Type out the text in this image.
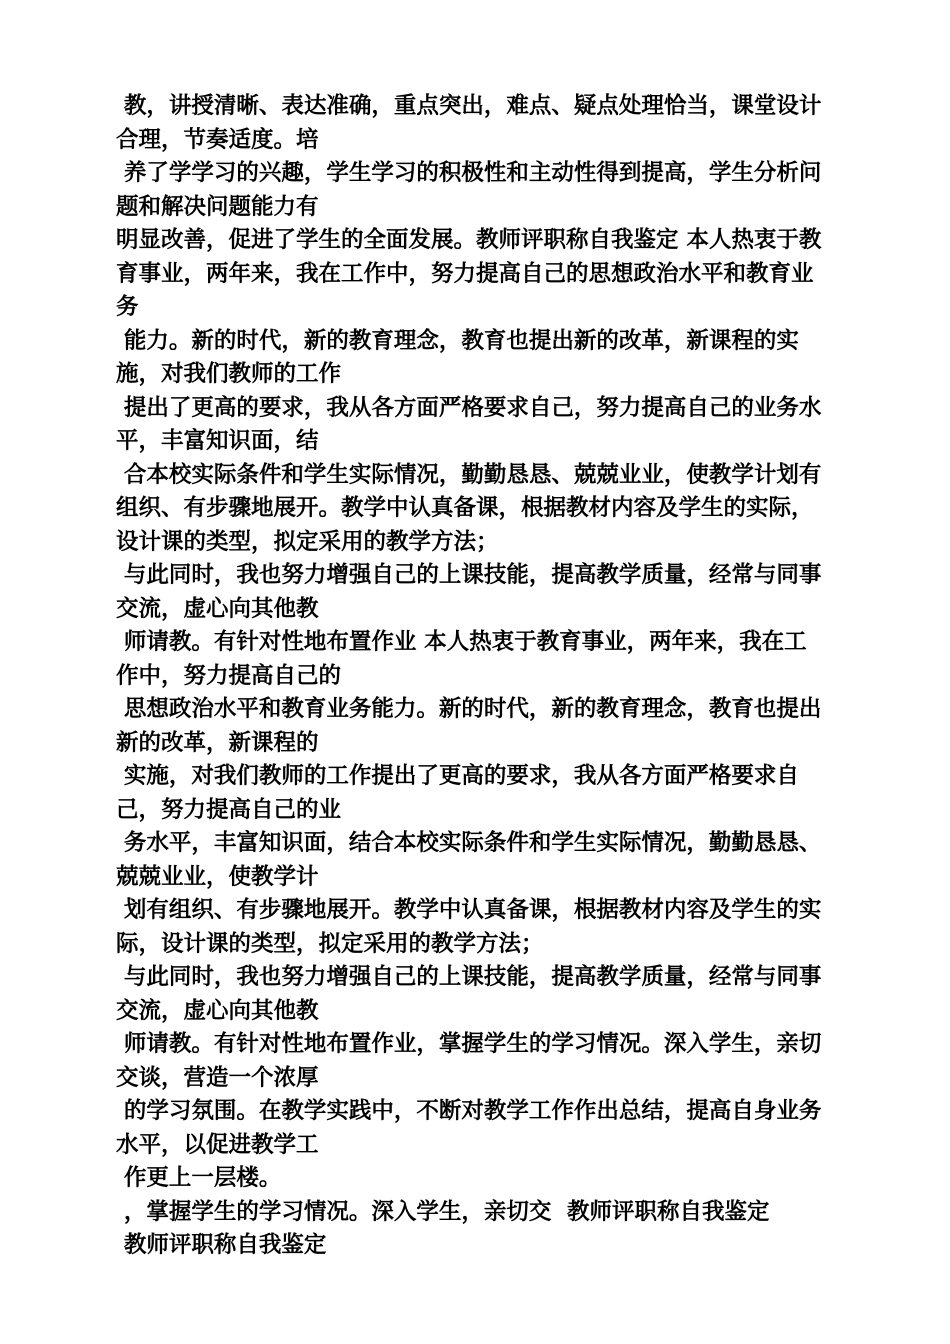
教，讲授清晰、表达准确，重点突出，难点、疑点处理恰当，课堂设计合理，节奏适度。培

养了学学习的兴趣，学生学习的积极性和主动性得到提高，学生分析问题和解决问题能力有

明显改善，促进了学生的全面发展。教师评职称自我鉴定 本人热衷于教育事业，两年来，我在工作中，努力提高自己的思想政治水平和教育业务

能力。新的时代，新的教育理念，教育也提出新的改革，新课程的实施，对我们教师的工作

提出了更高的要求，我从各方面严格要求自己，努力提高自己的业务水平，丰富知识面，结

合本校实际条件和学生实际情况，勤勤恳恳、兢兢业业，使教学计划有组织、有步骤地展开。教学中认真备课，根据教材内容及学生的实际，设计课的类型，拟定采用的教学方法；

与此同时，我也努力增强自己的上课技能，提高教学质量，经常与同事交流，虚心向其他教

师请教。有针对性地布置作业 本人热衷于教育事业，两年来，我在工作中，努力提高自己的

思想政治水平和教育业务能力。新的时代，新的教育理念，教育也提出新的改革，新课程的

实施，对我们教师的工作提出了更高的要求，我从各方面严格要求自己，努力提高自己的业

务水平，丰富知识面，结合本校实际条件和学生实际情况，勤勤恳恳、兢兢业业，使教学计

划有组织、有步骤地展开。教学中认真备课，根据教材内容及学生的实际，设计课的类型，拟定采用的教学方法；

与此同时，我也努力增强自己的上课技能，提高教学质量，经常与同事交流，虚心向其他教

师请教。有针对性地布置作业，掌握学生的学习情况。深入学生，亲切交谈，营造一个浓厚

的学习氛围。在教学实践中，不断对教学工作作出总结，提高自身业务水平，以促进教学工

作更上一层楼。

，掌握学生的学习情况。深入学生，亲切交  教师评职称自我鉴定

教师评职称自我鉴定
